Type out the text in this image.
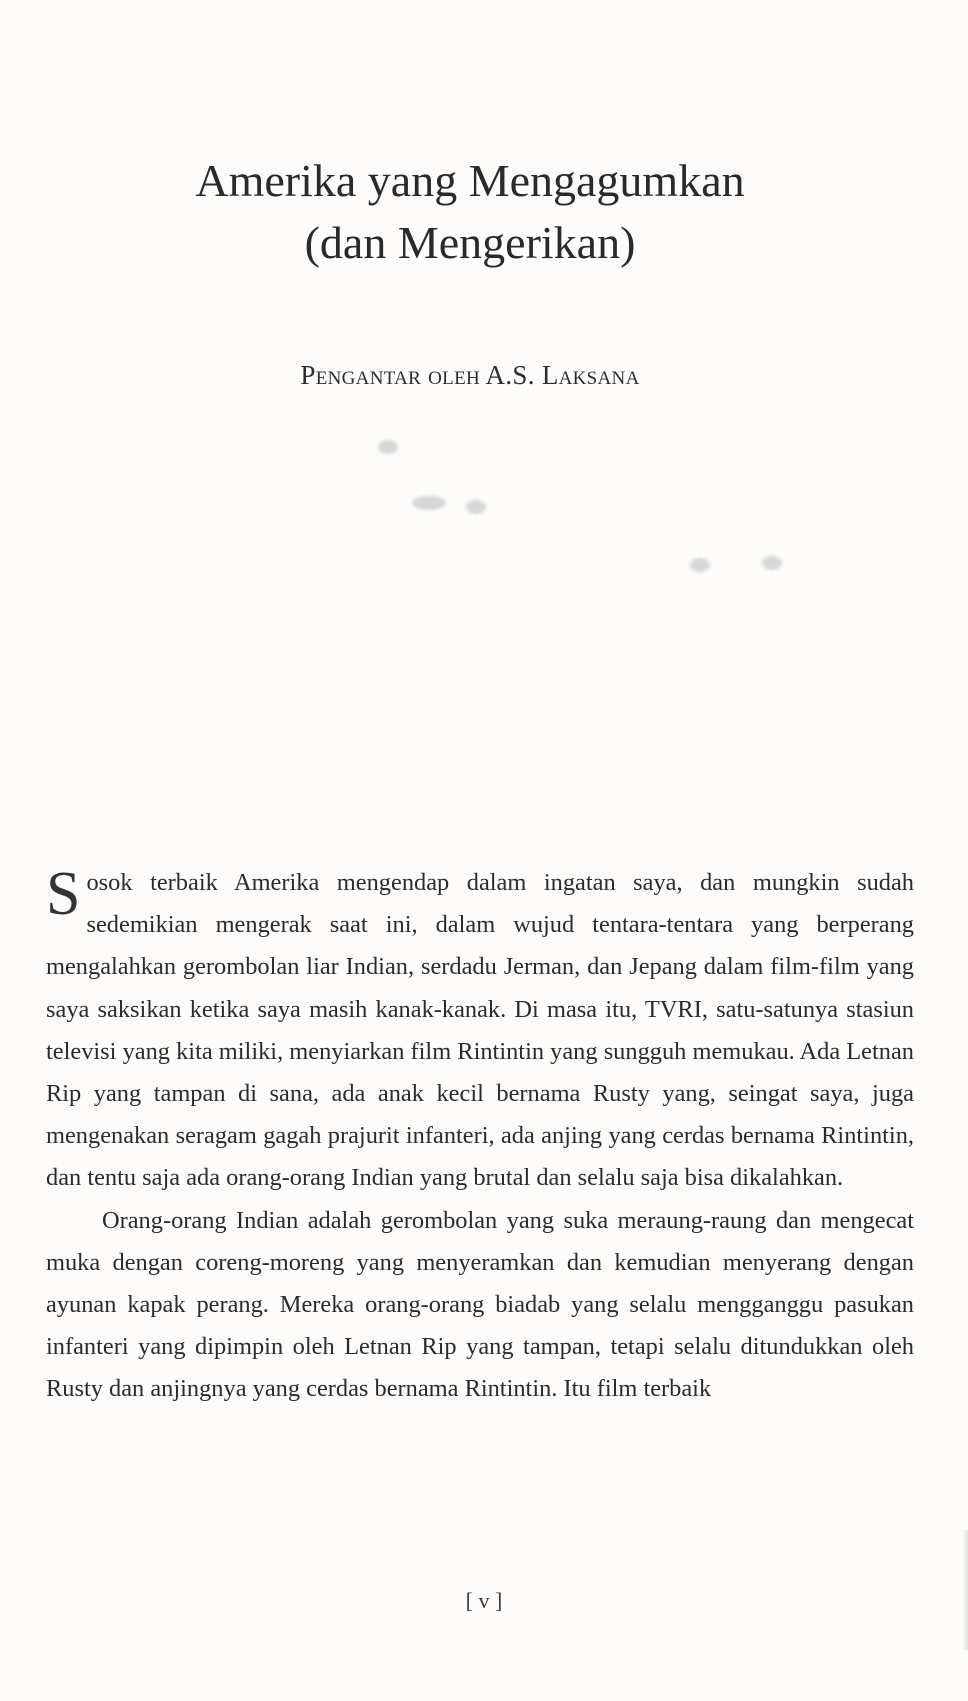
Amerika yang Mengagumkan
(dan Mengerikan)
Pengantar oleh A.S. Laksana

Sosok terbaik Amerika mengendap dalam ingatan saya, dan mungkin sudah sedemikian mengerak saat ini, dalam wujud tentara-tentara yang berperang mengalahkan gerombolan liar Indian, serdadu Jerman, dan Jepang dalam film-film yang saya saksikan ketika saya masih kanak-kanak. Di masa itu, TVRI, satu-satunya stasiun televisi yang kita miliki, menyiarkan film Rintintin yang sungguh memukau. Ada Letnan Rip yang tampan di sana, ada anak kecil bernama Rusty yang, seingat saya, juga mengenakan seragam gagah prajurit infanteri, ada anjing yang cerdas bernama Rintintin, dan tentu saja ada orang-orang Indian yang brutal dan selalu saja bisa dikalahkan.

Orang-orang Indian adalah gerombolan yang suka meraung-raung dan mengecat muka dengan coreng-moreng yang menyeramkan dan kemudian menyerang dengan ayunan kapak perang. Mereka orang-orang biadab yang selalu mengganggu pasukan infanteri yang dipimpin oleh Letnan Rip yang tampan, tetapi selalu ditundukkan oleh Rusty dan anjingnya yang cerdas bernama Rintintin. Itu film terbaik

[ v ]
